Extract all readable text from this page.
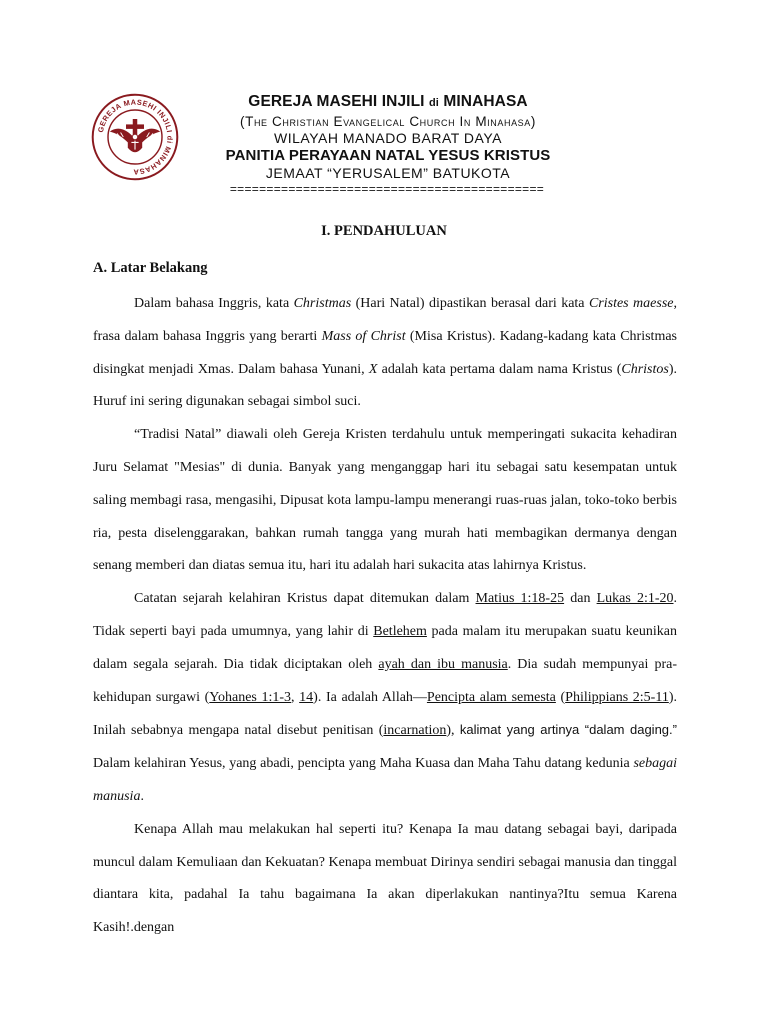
GEREJA MASEHI INJILI di MINAHASA
GEREJA MASEHI INJILI di MINAHASA
(The Christian Evangelical Church In Minahasa)
WILAYAH MANADO BARAT DAYA
PANITIA PERAYAAN NATAL YESUS KRISTUS
JEMAAT “YERUSALEM” BATUKOTA
===========================================
I. PENDAHULUAN
A. Latar Belakang

Dalam bahasa Inggris, kata Christmas (Hari Natal) dipastikan berasal dari kata Cristes maesse, frasa dalam bahasa Inggris yang berarti Mass of Christ (Misa Kristus). Kadang-kadang kata Christmas disingkat menjadi Xmas. Dalam bahasa Yunani, X adalah kata pertama dalam nama Kristus (Christos). Huruf ini sering digunakan sebagai simbol suci.

“Tradisi Natal” diawali oleh Gereja Kristen terdahulu untuk memperingati sukacita kehadiran Juru Selamat "Mesias" di dunia. Banyak yang menganggap hari itu sebagai satu kesempatan untuk saling membagi rasa, mengasihi, Dipusat kota lampu-lampu menerangi ruas-ruas jalan, toko-toko berbis ria, pesta diselenggarakan, bahkan rumah tangga yang murah hati membagikan dermanya dengan senang memberi dan diatas semua itu, hari itu adalah hari sukacita atas lahirnya Kristus.

Catatan sejarah kelahiran Kristus dapat ditemukan dalam Matius 1:18-25 dan Lukas 2:1-20. Tidak seperti bayi pada umumnya, yang lahir di Betlehem pada malam itu merupakan suatu keunikan dalam segala sejarah. Dia tidak diciptakan oleh ayah dan ibu manusia. Dia sudah mempunyai pra-kehidupan surgawi (Yohanes 1:1-3, 14). Ia adalah Allah—Pencipta alam semesta (Philippians 2:5-11). Inilah sebabnya mengapa natal disebut penitisan (incarnation), kalimat yang artinya “dalam daging.” Dalam kelahiran Yesus, yang abadi, pencipta yang Maha Kuasa dan Maha Tahu datang kedunia sebagai manusia.

Kenapa Allah mau melakukan hal seperti itu? Kenapa Ia mau datang sebagai bayi, daripada muncul dalam Kemuliaan dan Kekuatan? Kenapa membuat Dirinya sendiri sebagai manusia dan tinggal diantara kita, padahal Ia tahu bagaimana Ia akan diperlakukan nantinya?Itu semua Karena Kasih!.dengan
